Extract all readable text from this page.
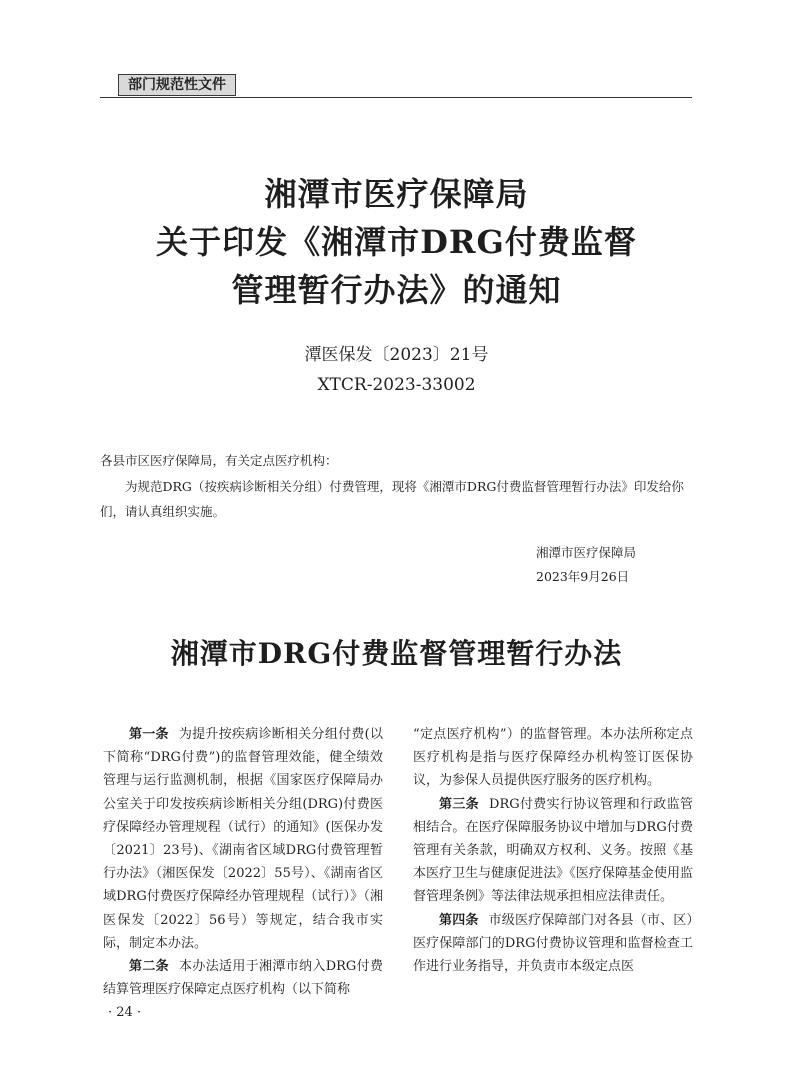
部门规范性文件
湘潭市医疗保障局
关于印发《湘潭市DRG付费监督
管理暂行办法》的通知
潭医保发〔2023〕21号
XTCR-2023-33002
各县市区医疗保障局，有关定点医疗机构：
为规范DRG（按疾病诊断相关分组）付费管理，现将《湘潭市DRG付费监督管理暂行办法》印发给你们，请认真组织实施。
湘潭市医疗保障局
2023年9月26日
湘潭市DRG付费监督管理暂行办法

第一条 为提升按疾病诊断相关分组付费(以下简称“DRG付费”)的监督管理效能，健全绩效管理与运行监测机制，根据《国家医疗保障局办公室关于印发按疾病诊断相关分组(DRG)付费医疗保障经办管理规程（试行）的通知》(医保办发〔2021〕23号)、《湖南省区域DRG付费管理暂行办法》（湘医保发〔2022〕55号）、《湖南省区域DRG付费医疗保障经办管理规程（试行）》（湘医保发〔2022〕56号）等规定，结合我市实际，制定本办法。

第二条 本办法适用于湘潭市纳入DRG付费结算管理医疗保障定点医疗机构（以下简称

“定点医疗机构”）的监督管理。本办法所称定点医疗机构是指与医疗保障经办机构签订医保协议，为参保人员提供医疗服务的医疗机构。

第三条 DRG付费实行协议管理和行政监管相结合。在医疗保障服务协议中增加与DRG付费管理有关条款，明确双方权利、义务。按照《基本医疗卫生与健康促进法》《医疗保障基金使用监督管理条例》等法律法规承担相应法律责任。

第四条 市级医疗保障部门对各县（市、区）医疗保障部门的DRG付费协议管理和监督检查工作进行业务指导，并负责市本级定点医

· 24 ·
